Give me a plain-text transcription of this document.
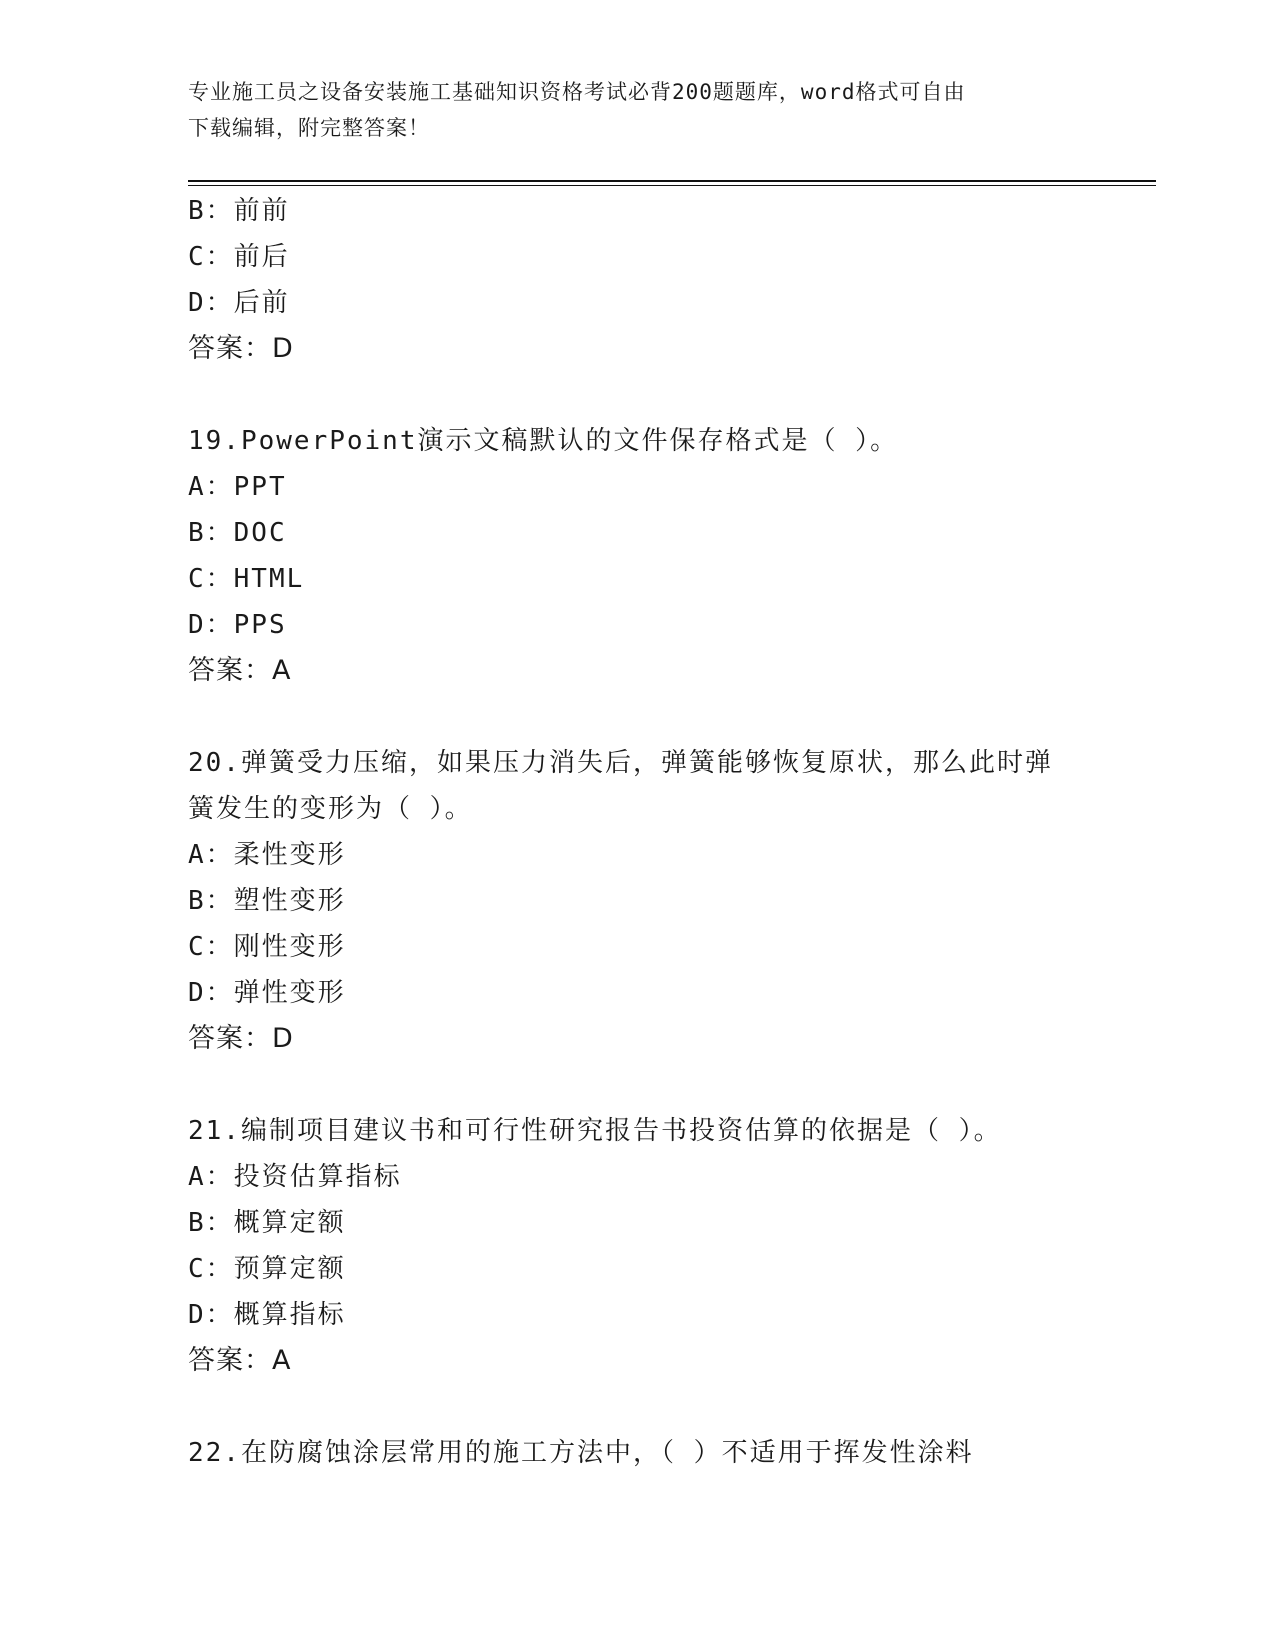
专业施工员之设备安装施工基础知识资格考试必背200题题库，word格式可自由
下载编辑，附完整答案！
B：前前
C：前后
D：后前
答案：D
19.PowerPoint演示文稿默认的文件保存格式是（ ）。
A：PPT
B：DOC
C：HTML
D：PPS
答案：A
20.弹簧受力压缩，如果压力消失后，弹簧能够恢复原状，那么此时弹
簧发生的变形为（ ）。
A：柔性变形
B：塑性变形
C：刚性变形
D：弹性变形
答案：D
21.编制项目建议书和可行性研究报告书投资估算的依据是（ ）。
A：投资估算指标
B：概算定额
C：预算定额
D：概算指标
答案：A
22.在防腐蚀涂层常用的施工方法中，（ ）不适用于挥发性涂料
